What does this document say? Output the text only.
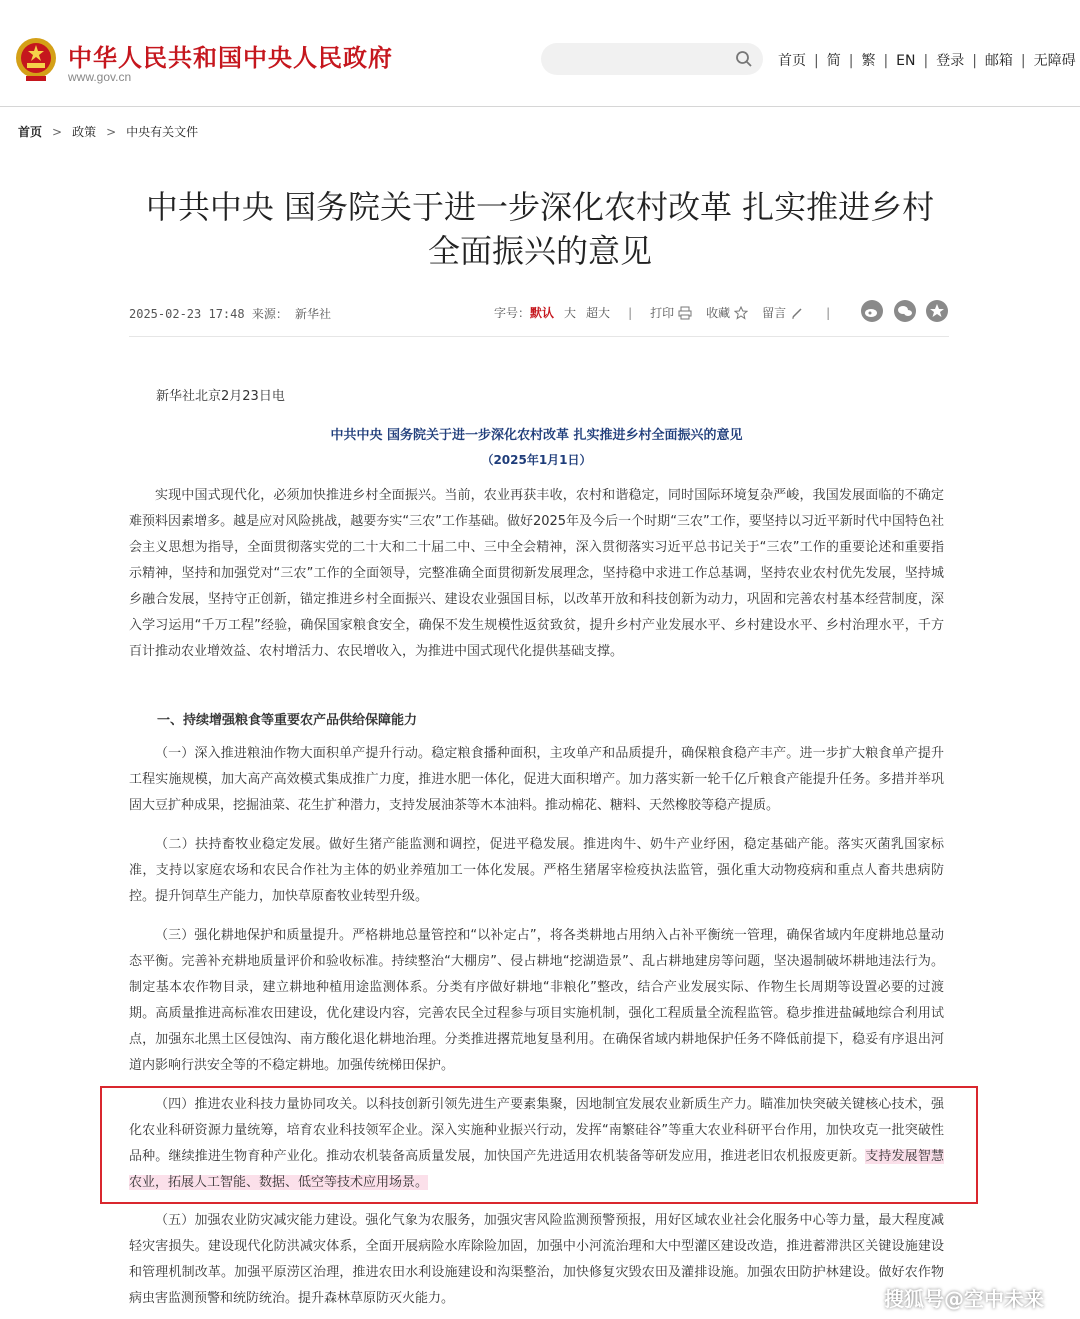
中华人民共和国中央人民政府
www.gov.cn
首页 | 简 | 繁 | EN | 登录 | 邮箱 | 无障碍
首页 > 政策 > 中央有关文件
中共中央 国务院关于进一步深化农村改革 扎实推进乡村
全面振兴的意见
2025-02-23 17:48 来源： 新华社	字号： 默认 大 超大 | 打印	收藏	留言	|
新华社北京2月23日电
中共中央 国务院关于进一步深化农村改革 扎实推进乡村全面振兴的意见
（2025年1月1日）

实现中国式现代化，必须加快推进乡村全面振兴。当前，农业再获丰收，农村和谐稳定，同时国际环境复杂严峻，我国发展面临的不确定难预料因素增多。越是应对风险挑战，越要夯实“三农”工作基础。做好2025年及今后一个时期“三农”工作，要坚持以习近平新时代中国特色社会主义思想为指导，全面贯彻落实党的二十大和二十届二中、三中全会精神，深入贯彻落实习近平总书记关于“三农”工作的重要论述和重要指示精神，坚持和加强党对“三农”工作的全面领导，完整准确全面贯彻新发展理念，坚持稳中求进工作总基调，坚持农业农村优先发展，坚持城乡融合发展，坚持守正创新，锚定推进乡村全面振兴、建设农业强国目标，以改革开放和科技创新为动力，巩固和完善农村基本经营制度，深入学习运用“千万工程”经验，确保国家粮食安全，确保不发生规模性返贫致贫，提升乡村产业发展水平、乡村建设水平、乡村治理水平，千方百计推动农业增效益、农村增活力、农民增收入，为推进中国式现代化提供基础支撑。

一、持续增强粮食等重要农产品供给保障能力

（一）深入推进粮油作物大面积单产提升行动。稳定粮食播种面积，主攻单产和品质提升，确保粮食稳产丰产。进一步扩大粮食单产提升工程实施规模，加大高产高效模式集成推广力度，推进水肥一体化，促进大面积增产。加力落实新一轮千亿斤粮食产能提升任务。多措并举巩固大豆扩种成果，挖掘油菜、花生扩种潜力，支持发展油茶等木本油料。推动棉花、糖料、天然橡胶等稳产提质。

（二）扶持畜牧业稳定发展。做好生猪产能监测和调控，促进平稳发展。推进肉牛、奶牛产业纾困，稳定基础产能。落实灭菌乳国家标准，支持以家庭农场和农民合作社为主体的奶业养殖加工一体化发展。严格生猪屠宰检疫执法监管，强化重大动物疫病和重点人畜共患病防控。提升饲草生产能力，加快草原畜牧业转型升级。

（三）强化耕地保护和质量提升。严格耕地总量管控和“以补定占”，将各类耕地占用纳入占补平衡统一管理，确保省域内年度耕地总量动态平衡。完善补充耕地质量评价和验收标准。持续整治“大棚房”、侵占耕地“挖湖造景”、乱占耕地建房等问题，坚决遏制破坏耕地违法行为。制定基本农作物目录，建立耕地种植用途监测体系。分类有序做好耕地“非粮化”整改，结合产业发展实际、作物生长周期等设置必要的过渡期。高质量推进高标准农田建设，优化建设内容，完善农民全过程参与项目实施机制，强化工程质量全流程监管。稳步推进盐碱地综合利用试点，加强东北黑土区侵蚀沟、南方酸化退化耕地治理。分类推进撂荒地复垦利用。在确保省域内耕地保护任务不降低前提下，稳妥有序退出河道内影响行洪安全等的不稳定耕地。加强传统梯田保护。

（四）推进农业科技力量协同攻关。以科技创新引领先进生产要素集聚，因地制宜发展农业新质生产力。瞄准加快突破关键核心技术，强化农业科研资源力量统筹，培育农业科技领军企业。深入实施种业振兴行动，发挥“南繁硅谷”等重大农业科研平台作用，加快攻克一批突破性品种。继续推进生物育种产业化。推动农机装备高质量发展，加快国产先进适用农机装备等研发应用，推进老旧农机报废更新。支持发展智慧农业，拓展人工智能、数据、低空等技术应用场景。

（五）加强农业防灾减灾能力建设。强化气象为农服务，加强灾害风险监测预警预报，用好区域农业社会化服务中心等力量，最大程度减轻灾害损失。建设现代化防洪减灾体系，全面开展病险水库除险加固，加强中小河流治理和大中型灌区建设改造，推进蓄滞洪区关键设施建设和管理机制改革。加强平原涝区治理，推进农田水利设施建设和沟渠整治，加快修复灾毁农田及灌排设施。加强农田防护林建设。做好农作物病虫害监测预警和统防统治。提升森林草原防灭火能力。	搜狐号@空中未来
